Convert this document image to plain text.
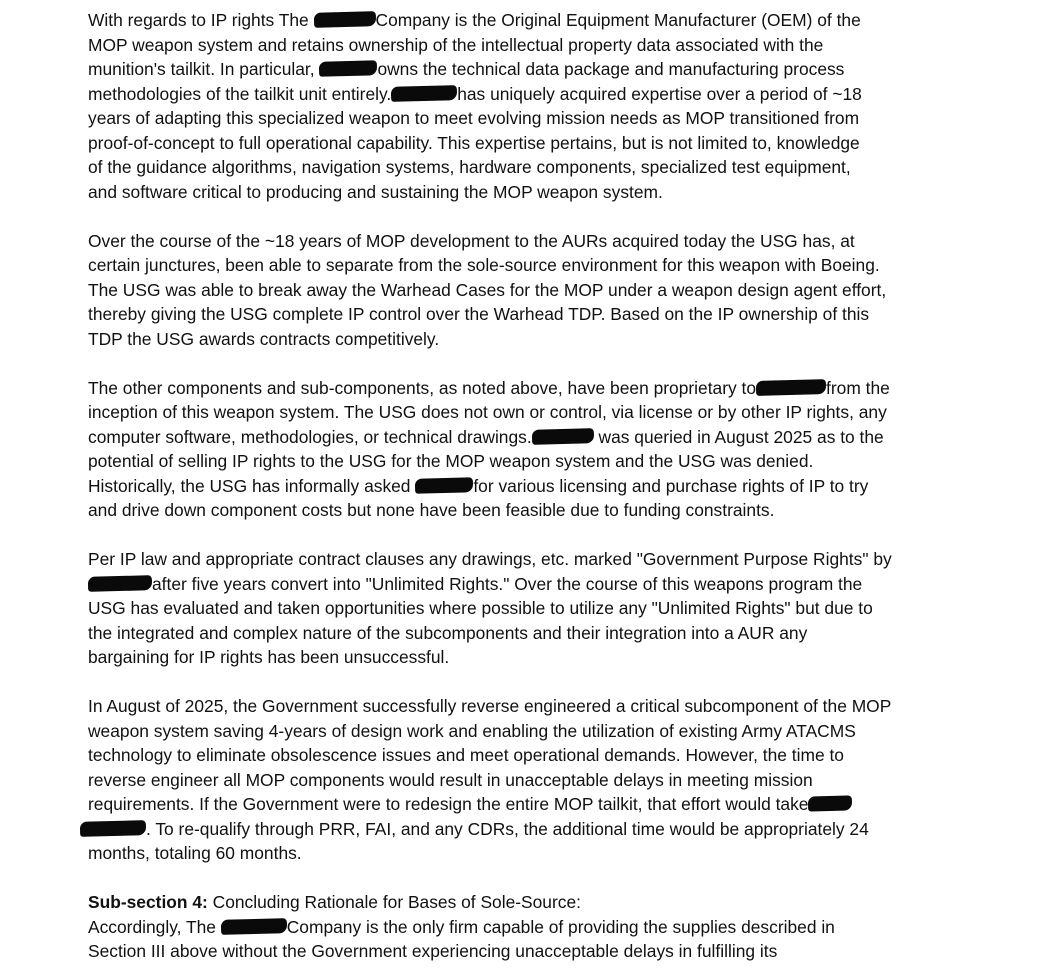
With regards to IP rights The	Company is the Original Equipment Manufacturer (OEM) of the
MOP weapon system and retains ownership of the intellectual property data associated with the
munition's tailkit. In particular,	owns the technical data package and manufacturing process
methodologies of the tailkit unit entirely.	has uniquely acquired expertise over a period of ~18
years of adapting this specialized weapon to meet evolving mission needs as MOP transitioned from
proof-of-concept to full operational capability. This expertise pertains, but is not limited to, knowledge
of the guidance algorithms, navigation systems, hardware components, specialized test equipment,
and software critical to producing and sustaining the MOP weapon system.

Over the course of the ~18 years of MOP development to the AURs acquired today the USG has, at
certain junctures, been able to separate from the sole-source environment for this weapon with Boeing.
The USG was able to break away the Warhead Cases for the MOP under a weapon design agent effort,
thereby giving the USG complete IP control over the Warhead TDP. Based on the IP ownership of this
TDP the USG awards contracts competitively.

The other components and sub-components, as noted above, have been proprietary to	from the
inception of this weapon system. The USG does not own or control, via license or by other IP rights, any
computer software, methodologies, or technical drawings.	was queried in August 2025 as to the
potential of selling IP rights to the USG for the MOP weapon system and the USG was denied.
Historically, the USG has informally asked	for various licensing and purchase rights of IP to try
and drive down component costs but none have been feasible due to funding constraints.

Per IP law and appropriate contract clauses any drawings, etc. marked "Government Purpose Rights" by
after five years convert into "Unlimited Rights." Over the course of this weapons program the
USG has evaluated and taken opportunities where possible to utilize any "Unlimited Rights" but due to
the integrated and complex nature of the subcomponents and their integration into a AUR any
bargaining for IP rights has been unsuccessful.

In August of 2025, the Government successfully reverse engineered a critical subcomponent of the MOP
weapon system saving 4-years of design work and enabling the utilization of existing Army ATACMS
technology to eliminate obsolescence issues and meet operational demands. However, the time to
reverse engineer all MOP components would result in unacceptable delays in meeting mission
requirements. If the Government were to redesign the entire MOP tailkit, that effort would take
. To re-qualify through PRR, FAI, and any CDRs, the additional time would be appropriately 24
months, totaling 60 months.

Sub-section 4: Concluding Rationale for Bases of Sole-Source:
Accordingly, The	Company is the only firm capable of providing the supplies described in
Section III above without the Government experiencing unacceptable delays in fulfilling its
